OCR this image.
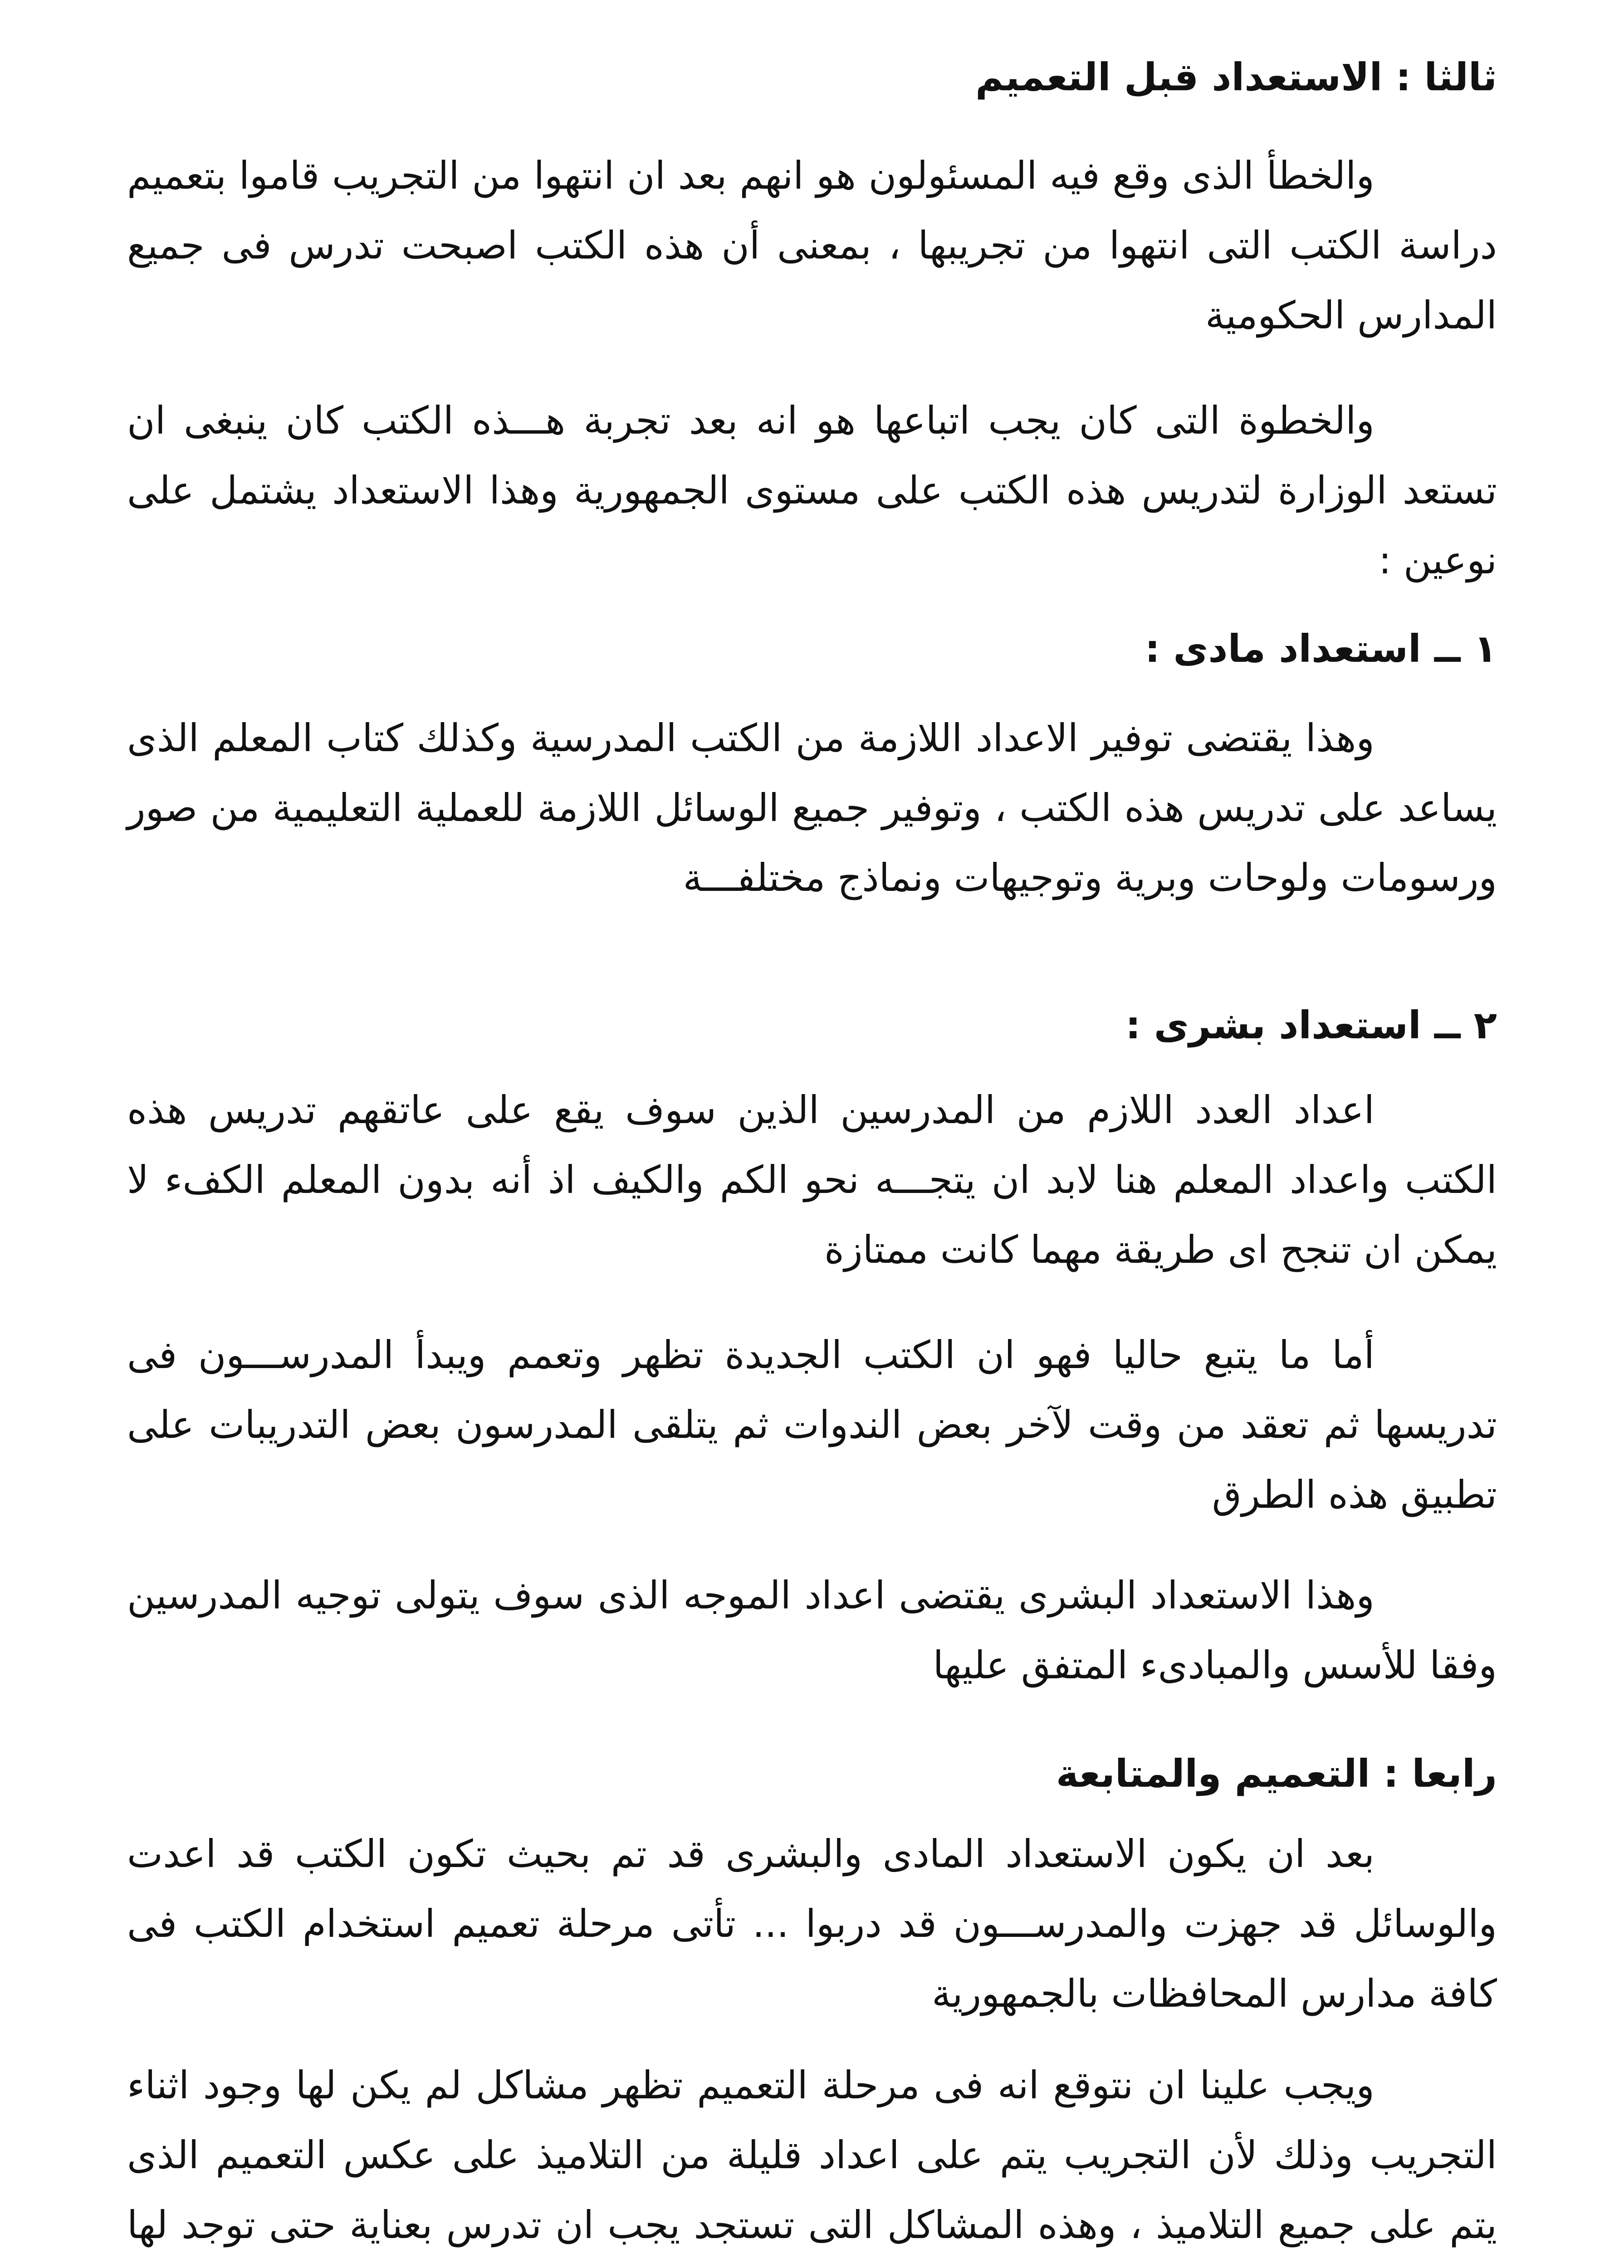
ثالثا : الاستعداد قبل التعميم

والخطأ الذى وقع فيه المسئولون هو انهم بعد ان انتهوا من التجريب قاموا بتعميم دراسة الكتب التى انتهوا من تجريبها ، بمعنى أن هذه الكتب اصبحت تدرس فى جميع المدارس الحكومية

والخطوة التى كان يجب اتباعها هو انه بعد تجربة هـــذه الكتب كان ينبغى ان تستعد الوزارة لتدريس هذه الكتب على مستوى الجمهورية وهذا الاستعداد يشتمل على نوعين :

١ ــ استعداد مادى :

وهذا يقتضى توفير الاعداد اللازمة من الكتب المدرسية وكذلك كتاب المعلم الذى يساعد على تدريس هذه الكتب ، وتوفير جميع الوسائل اللازمة للعملية التعليمية من صور ورسومات ولوحات وبرية وتوجيهات ونماذج مختلفـــة

٢ ــ استعداد بشرى :

اعداد العدد اللازم من المدرسين الذين سوف يقع على عاتقهم تدريس هذه الكتب واعداد المعلم هنا لابد ان يتجـــه نحو الكم والكيف اذ أنه بدون المعلم الكفء لا يمكن ان تنجح اى طريقة مهما كانت ممتازة

أما ما يتبع حاليا فهو ان الكتب الجديدة تظهر وتعمم ويبدأ المدرســـون فى تدريسها ثم تعقد من وقت لآخر بعض الندوات ثم يتلقى المدرسون بعض التدريبات على تطبيق هذه الطرق

وهذا الاستعداد البشرى يقتضى اعداد الموجه الذى سوف يتولى توجيه المدرسين وفقا للأسس والمبادىء المتفق عليها

رابعا : التعميم والمتابعة

بعد ان يكون الاستعداد المادى والبشرى قد تم بحيث تكون الكتب قد اعدت والوسائل قد جهزت والمدرســـون قد دربوا ... تأتى مرحلة تعميم استخدام الكتب فى كافة مدارس المحافظات بالجمهورية

ويجب علينا ان نتوقع انه فى مرحلة التعميم تظهر مشاكل لم يكن لها وجود اثناء التجريب وذلك لأن التجريب يتم على اعداد قليلة من التلاميذ على عكس التعميم الذى يتم على جميع التلاميذ ، وهذه المشاكل التى تستجد يجب ان تدرس بعناية حتى توجد لها
